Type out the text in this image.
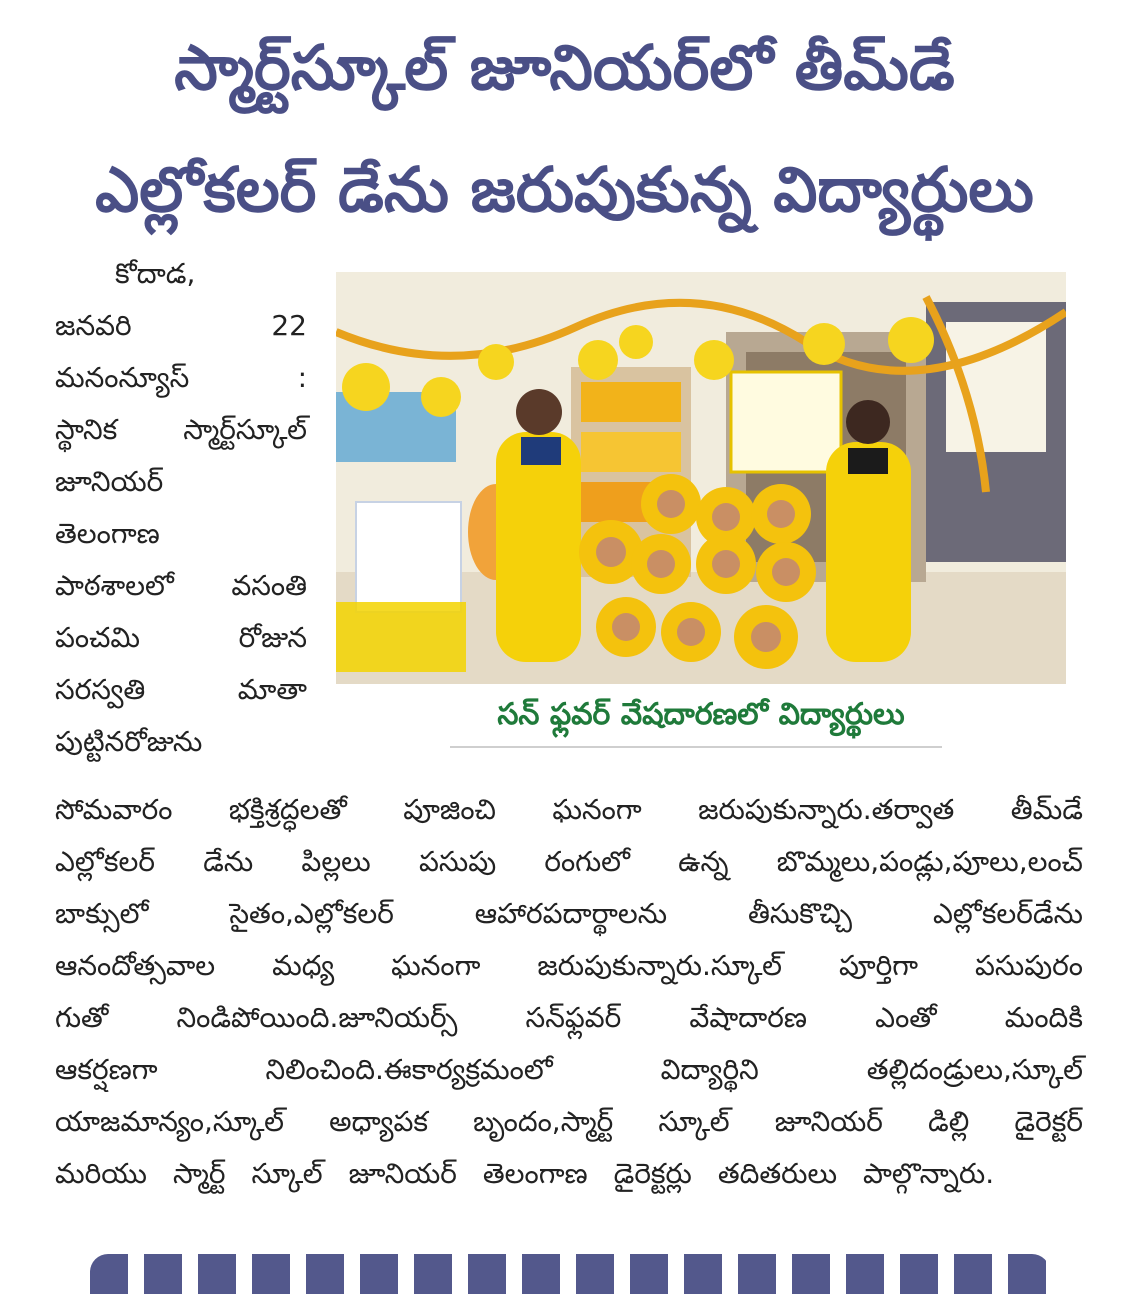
స్మార్ట్‌స్కూల్ జూనియర్‌లో తీమ్‌డే
ఎల్లోకలర్ డేను జరుపుకున్న విద్యార్థులు
కోదాడ,
జనవరి	22
మనంన్యూస్	:
స్థానిక స్మార్ట్‌స్కూల్
జూనియర్
తెలంగాణ
పాఠశాలలో వసంతి
పంచమి	రోజున
సరస్వతి	మాతా
పుట్టినరోజును
సన్ ఫ్లవర్ వేషదారణలో విద్యార్థులు
సోమవారం భక్తిశ్రద్ధలతో పూజించి ఘనంగా జరుపుకున్నారు.తర్వాత తీమ్‌డే
ఎల్లోకలర్ డేను పిల్లలు పసుపు రంగులో ఉన్న బొమ్మలు,పండ్లు,పూలు,లంచ్
బాక్సులో	సైతం,ఎల్లోకలర్	ఆహారపదార్థాలను	తీసుకొచ్చి	ఎల్లోకలర్‌డేను
ఆనందోత్సవాల మధ్య ఘనంగా జరుపుకున్నారు.స్కూల్ పూర్తిగా పసుపురం
గుతో నిండిపోయింది.జూనియర్స్ సన్‌ఫ్లవర్ వేషాదారణ ఎంతో మందికి
ఆకర్షణగా	నిలించింది.ఈకార్యక్రమంలో	విద్యార్థిని	తల్లిదండ్రులు,స్కూల్
యాజమాన్యం,స్కూల్ అధ్యాపక బృందం,స్మార్ట్ స్కూల్ జూనియర్ డిల్లి డైరెక్టర్
మరియు స్మార్ట్ స్కూల్ జూనియర్ తెలంగాణ డైరెక్టర్లు తదితరులు పాల్గొన్నారు.
